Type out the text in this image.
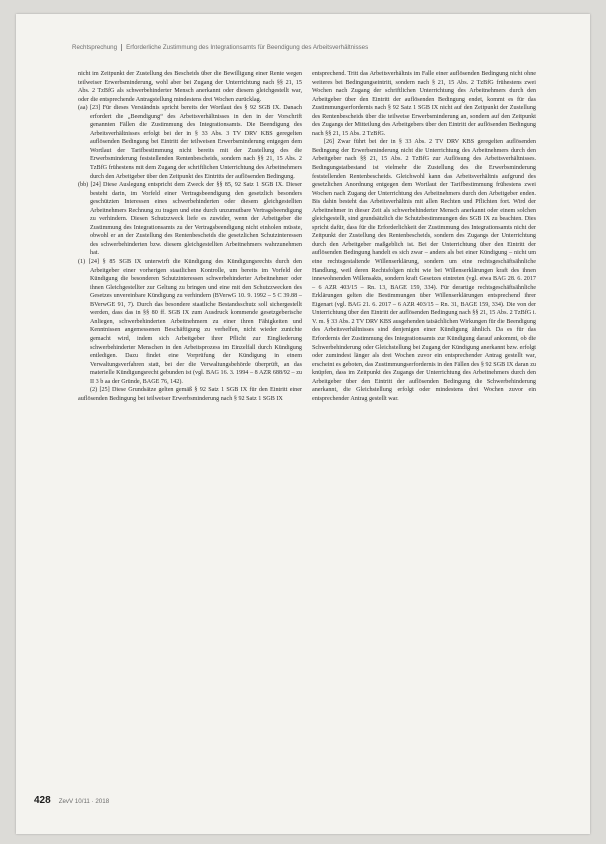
Rechtsprechung Erforderliche Zustimmung des Integrationsamts für Beendigung des Arbeitsverhältnisses

nicht im Zeitpunkt der Zustellung des Bescheids über die Bewilligung einer Rente wegen teilweiser Erwerbsminderung, wohl aber bei Zugang der Unterrichtung nach §§ 21, 15 Abs. 2 TzBfG als schwerbehinderter Mensch anerkannt oder diesem gleichgestellt war, oder die entsprechende Antragstellung mindestens drei Wochen zurücklag.

(aa) [23] Für dieses Verständnis spricht bereits der Wortlaut des § 92 SGB IX. Danach erfordert die „Beendigung“ des Arbeitsverhältnisses in den in der Vorschrift genannten Fällen die Zustimmung des Integrationsamts. Die Beendigung des Arbeitsverhältnisses erfolgt bei der in § 33 Abs. 3 TV DRV KBS geregelten auflösenden Bedingung bei Eintritt der teilweisen Erwerbsminderung entgegen dem Wortlaut der Tarifbestimmung nicht bereits mit der Zustellung des die Erwerbsminderung feststellenden Rentenbescheids, sondern nach §§ 21, 15 Abs. 2 TzBfG frühestens mit dem Zugang der schriftlichen Unterrichtung des Arbeitnehmers durch den Arbeitgeber über den Zeitpunkt des Eintritts der auflösenden Bedingung.

(bb) [24] Diese Auslegung entspricht dem Zweck der §§ 85, 92 Satz 1 SGB IX. Dieser besteht darin, im Vorfeld einer Vertragsbeendigung den gesetzlich besonders geschützten Interessen eines schwerbehinderten oder diesem gleichgestellten Arbeitnehmers Rechnung zu tragen und eine durch unzumutbare Vertragsbeendigung zu verhindern. Diesen Schutzzweck liefe es zuwider, wenn der Arbeitgeber die Zustimmung des Integrationsamts zu der Vertragsbeendigung nicht einholen müsste, obwohl er an der Zustellung des Rentenbescheids die gesetzlichen Schutzinteressen des schwerbehinderten bzw. diesem gleichgestellten Arbeitnehmers wahrzunehmen hat.

(1) [24] § 85 SGB IX unterwirft die Kündigung des Kündigungsrechts durch den Arbeitgeber einer vorherigen staatlichen Kontrolle, um bereits im Vorfeld der Kündigung die besonderen Schutzinteressen schwerbehinderter Arbeitnehmer oder ihnen Gleichgestellter zur Geltung zu bringen und eine mit den Schutzzwecken des Gesetzes unvereinbare Kündigung zu verhindern (BVerwG 10. 9. 1992 – 5 C 39.88 – BVerwGE 91, 7). Durch das besondere staatliche Bestandsschutz soll sichergestellt werden, dass das in §§ 80 ff. SGB IX zum Ausdruck kommende gesetzgeberische Anliegen, schwerbehinderten Arbeitnehmern zu einer ihren Fähigkeiten und Kenntnissen angemessenen Beschäftigung zu verhelfen, nicht wieder zunichte gemacht wird, indem sich Arbeitgeber ihrer Pflicht zur Eingliederung schwerbehinderter Menschen in den Arbeitsprozess im Einzelfall durch Kündigung entledigen. Dazu findet eine Vorprüfung der Kündigung in einem Verwaltungsverfahren statt, bei der die Verwaltungsbehörde überprüft, an das materielle Kündigungsrecht gebunden ist (vgl. BAG 16. 3. 1994 – 8 AZR 688/92 – zu II 3 b aa der Gründe, BAGE 76, 142).

(2) [25] Diese Grundsätze gelten gemäß § 92 Satz 1 SGB IX für den Eintritt einer auflösenden Bedingung bei teilweiser Erwerbsminderung nach § 92 Satz 1 SGB IX

entsprechend. Tritt das Arbeitsverhältnis im Falle einer auflösenden Bedingung nicht ohne weiteres bei Bedingungseintritt, sondern nach § 21, 15 Abs. 2 TzBfG frühestens zwei Wochen nach Zugang der schriftlichen Unterrichtung des Arbeitnehmers durch den Arbeitgeber über den Eintritt der auflösenden Bedingung endet, kommt es für das Zustimmungserfordernis nach § 92 Satz 1 SGB IX nicht auf den Zeitpunkt der Zustellung des Rentenbescheids über die teilweise Erwerbsminderung an, sondern auf den Zeitpunkt des Zugangs der Mitteilung des Arbeitgebers über den Eintritt der auflösenden Bedingung nach §§ 21, 15 Abs. 2 TzBfG.

[26] Zwar führt bei der in § 33 Abs. 2 TV DRV KBS geregelten auflösenden Bedingung der Erwerbsminderung nicht die Unterrichtung des Arbeitnehmers durch den Arbeitgeber nach §§ 21, 15 Abs. 2 TzBfG zur Auflösung des Arbeitsverhältnisses. Bedingungstatbestand ist vielmehr die Zustellung des die Erwerbsminderung feststellenden Rentenbescheids. Gleichwohl kann das Arbeitsverhältnis aufgrund des gesetzlichen Anordnung entgegen dem Wortlaut der Tarifbestimmung frühestens zwei Wochen nach Zugang der Unterrichtung des Arbeitnehmers durch den Arbeitgeber enden. Bis dahin besteht das Arbeitsverhältnis mit allen Rechten und Pflichten fort. Wird der Arbeitnehmer in dieser Zeit als schwerbehinderter Mensch anerkannt oder einem solchen gleichgestellt, sind grundsätzlich die Schutzbestimmungen des SGB IX zu beachten. Dies spricht dafür, dass für die Erforderlichkeit der Zustimmung des Integrationsamts nicht der Zeitpunkt der Zustellung des Rentenbescheids, sondern des Zugangs der Unterrichtung durch den Arbeitgeber maßgeblich ist. Bei der Unterrichtung über den Eintritt der auflösenden Bedingung handelt es sich zwar – anders als bei einer Kündigung – nicht um eine rechtsgestaltende Willenserklärung, sondern um eine rechtsgeschäftsähnliche Handlung, weil deren Rechtsfolgen nicht wie bei Willenserklärungen kraft des ihnen innewohnenden Willensakts, sondern kraft Gesetzes eintreten (vgl. etwa BAG 28. 6. 2017 – 6 AZR 403/15 – Rn. 13, BAGE 159, 334). Für derartige rechtsgeschäftsähnliche Erklärungen gelten die Bestimmungen über Willenserklärungen entsprechend ihrer Eigenart (vgl. BAG 21. 6. 2017 – 6 AZR 403/15 – Rn. 31, BAGE 159, 334). Die von der Unterrichtung über den Eintritt der auflösenden Bedingung nach §§ 21, 15 Abs. 2 TzBfG i. V. m. § 33 Abs. 2 TV DRV KBS ausgehenden tatsächlichen Wirkungen für die Beendigung des Arbeitsverhältnisses sind denjenigen einer Kündigung ähnlich. Da es für das Erfordernis der Zustimmung des Integrationsamts zur Kündigung darauf ankommt, ob die Schwerbehinderung oder Gleichstellung bei Zugang der Kündigung anerkannt bzw. erfolgt oder zumindest länger als drei Wochen zuvor ein entsprechender Antrag gestellt war, erscheint es geboten, das Zustimmungserfordernis in den Fällen des § 92 SGB IX daran zu knüpfen, dass im Zeitpunkt des Zugangs der Unterrichtung des Arbeitnehmers durch den Arbeitgeber über den Eintritt der auflösenden Bedingung die Schwerbehinderung anerkannt, die Gleichstellung erfolgt oder mindestens drei Wochen zuvor ein entsprechender Antrag gestellt war.

428 ZevV 10/11 · 2018
